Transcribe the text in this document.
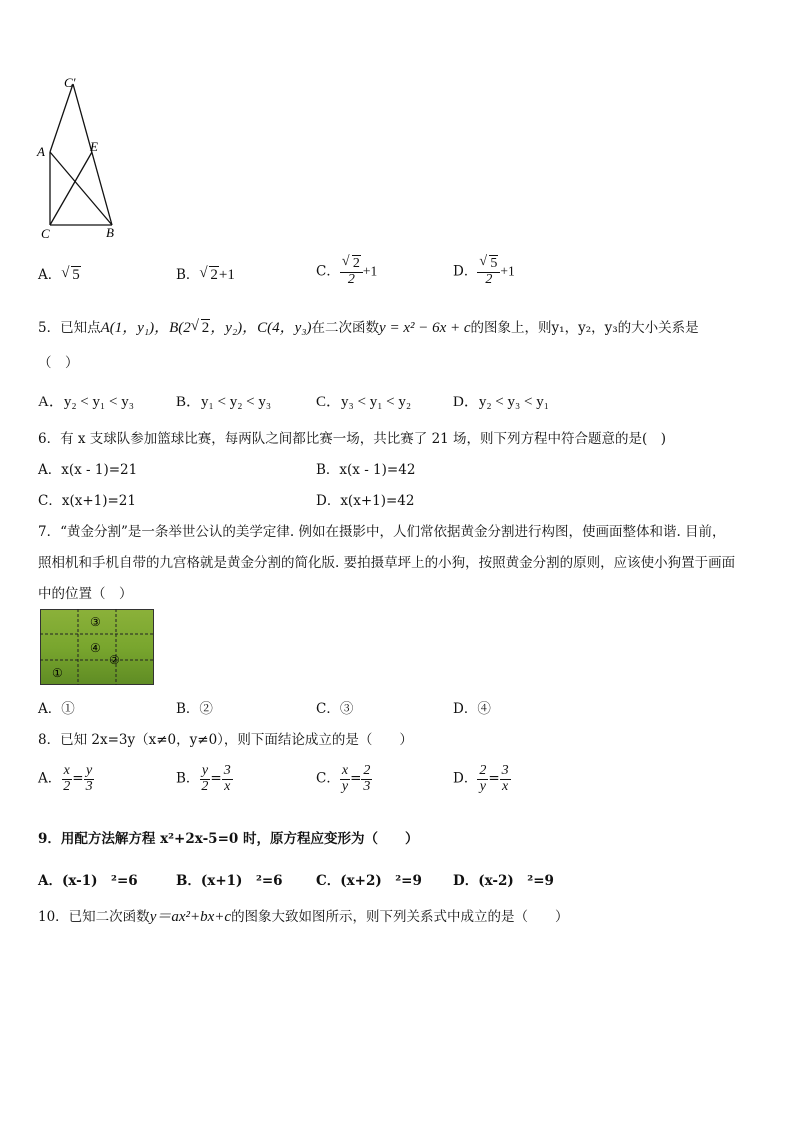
C′
A	E
C	B
A． √ 5	B． √ 2+1	C． √ $\frac{2}{2} +1$	D． √ $\frac{5}{2} +1$
5．已知点A(1，y₁)，B(2 √ 2，y₂)，C(4，y₃)在二次函数y = x² − 6x + c的图象上，则y₁，y₂，y₃的大小关系是
（　）
A．y₂ < y₁ < y₃	B．y₁ < y₂ < y₃	C．y₃ < y₁ < y₂	D．y₂ < y₃ < y₁
6．有 x 支球队参加篮球比赛，每两队之间都比赛一场，共比赛了 21 场，则下列方程中符合题意的是(　)
A．x(x - 1)=21	B．x(x - 1)=42
C．x(x+1)=21	D．x(x+1)=42
7．“黄金分割”是一条举世公认的美学定律. 例如在摄影中，人们常依据黄金分割进行构图，使画面整体和谐. 目前，
照相机和手机自带的九宫格就是黄金分割的简化版. 要拍摄草坪上的小狗，按照黄金分割的原则，应该使小狗置于画面
中的位置（　）
③
④
②
①
A．①	B．②	C．③	D．④
8．已知 2x=3y（x≠0，y≠0），则下面结论成立的是（　　）
A． $\frac{x}{2} = \frac{y}{3}$	B． $\frac{y}{2} = \frac{3}{x}$	C． $\frac{x}{y} = \frac{2}{3}$	D． $\frac{2}{y} = \frac{3}{x}$
9．用配方法解方程 x²+2x-5=0 时，原方程应变形为（　　）
A．(x-1)　²=6	B．(x+1)　²=6 C．(x+2)　²=9 D．(x-2)　²=9
10．已知二次函数y＝ax²+bx+c的图象大致如图所示，则下列关系式中成立的是（　　）
